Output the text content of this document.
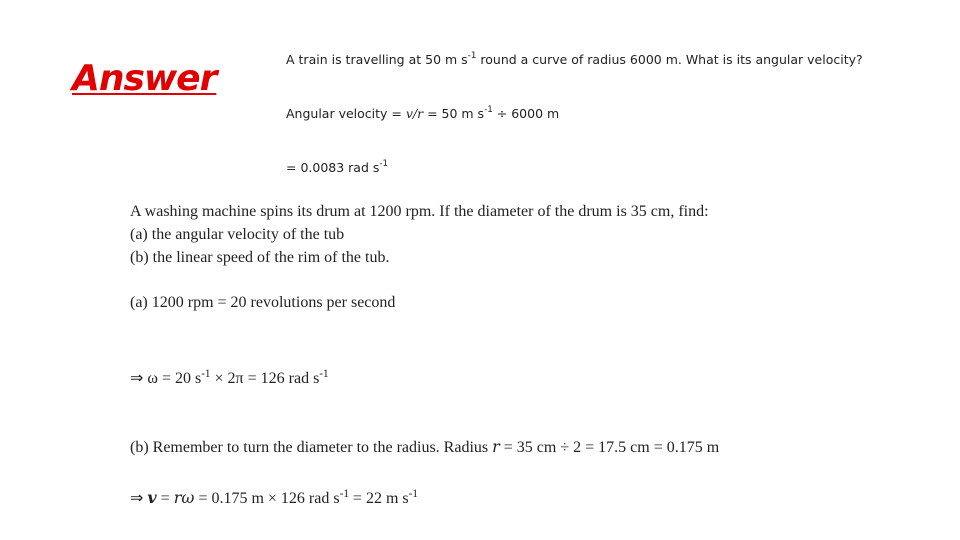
Answer	A train is travelling at 50 m $s^{-1}$ round a curve of radius 6000 m. What is its angular velocity?
Angular velocity = v/r = 50 m $s^{-1} \div 6000$ m
= 0.0083 rad $s^{-1}$
A washing machine spins its drum at 1200 rpm. If the diameter of the drum is 35 cm, find:
(a) the angular velocity of the tub
(b) the linear speed of the rim of the tub.
(a) 1200 rpm = 20 revolutions per second
⇒ ω = 20 $s^{-1} \times 2\pi = 126$ rad $s^{-1}$
(b) Remember to turn the diameter to the radius. Radius r = 35 cm ÷ 2 = 17.5 cm = 0.175 m
⇒ v = rω = 0.175 m × 126 rad $s^{-1} = 22$ m $s^{-1}$
